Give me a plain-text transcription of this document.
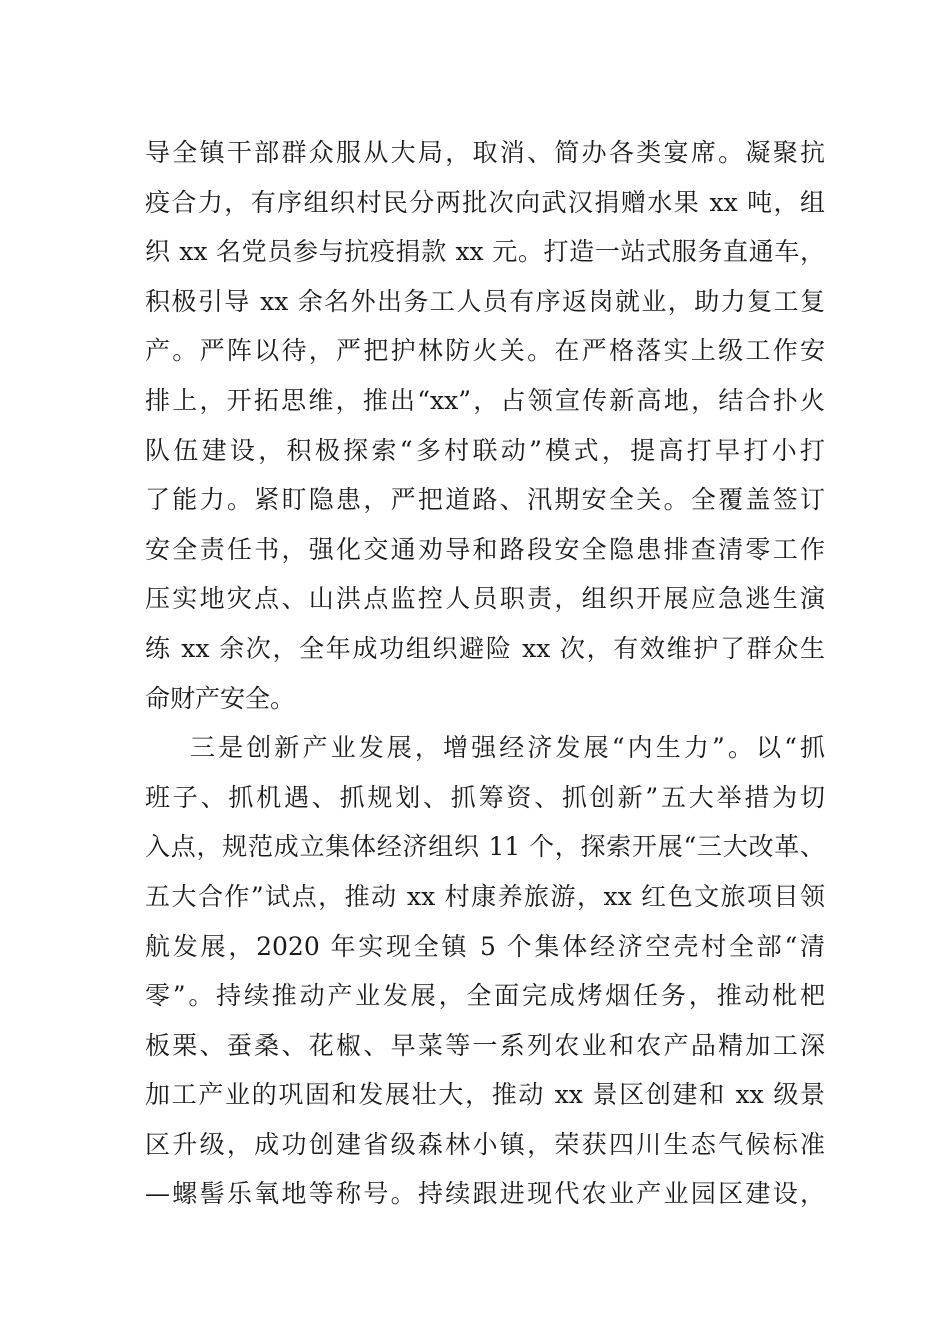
导全镇干部群众服从大局，取消、简办各类宴席。凝聚抗
疫合力，有序组织村民分两批次向武汉捐赠水果 xx 吨，组
织 xx 名党员参与抗疫捐款 xx 元。打造一站式服务直通车，
积极引导 xx 余名外出务工人员有序返岗就业，助力复工复
产。严阵以待，严把护林防火关。在严格落实上级工作安
排上，开拓思维，推出“xx”，占领宣传新高地，结合扑火
队伍建设，积极探索“多村联动”模式，提高打早打小打
了能力。紧盯隐患，严把道路、汛期安全关。全覆盖签订
安全责任书，强化交通劝导和路段安全隐患排查清零工作
压实地灾点、山洪点监控人员职责，组织开展应急逃生演
练 xx 余次，全年成功组织避险 xx 次，有效维护了群众生
命财产安全。
三是创新产业发展，增强经济发展“内生力”。以“抓
班子、抓机遇、抓规划、抓筹资、抓创新”五大举措为切
入点，规范成立集体经济组织 11 个，探索开展“三大改革、
五大合作”试点，推动 xx 村康养旅游，xx 红色文旅项目领
航发展，2020 年实现全镇 5 个集体经济空壳村全部“清
零”。持续推动产业发展，全面完成烤烟任务，推动枇杷
板栗、蚕桑、花椒、早菜等一系列农业和农产品精加工深
加工产业的巩固和发展壮大，推动 xx 景区创建和 xx 级景
区升级，成功创建省级森林小镇，荣获四川生态气候标准
—螺髻乐氧地等称号。持续跟进现代农业产业园区建设，
